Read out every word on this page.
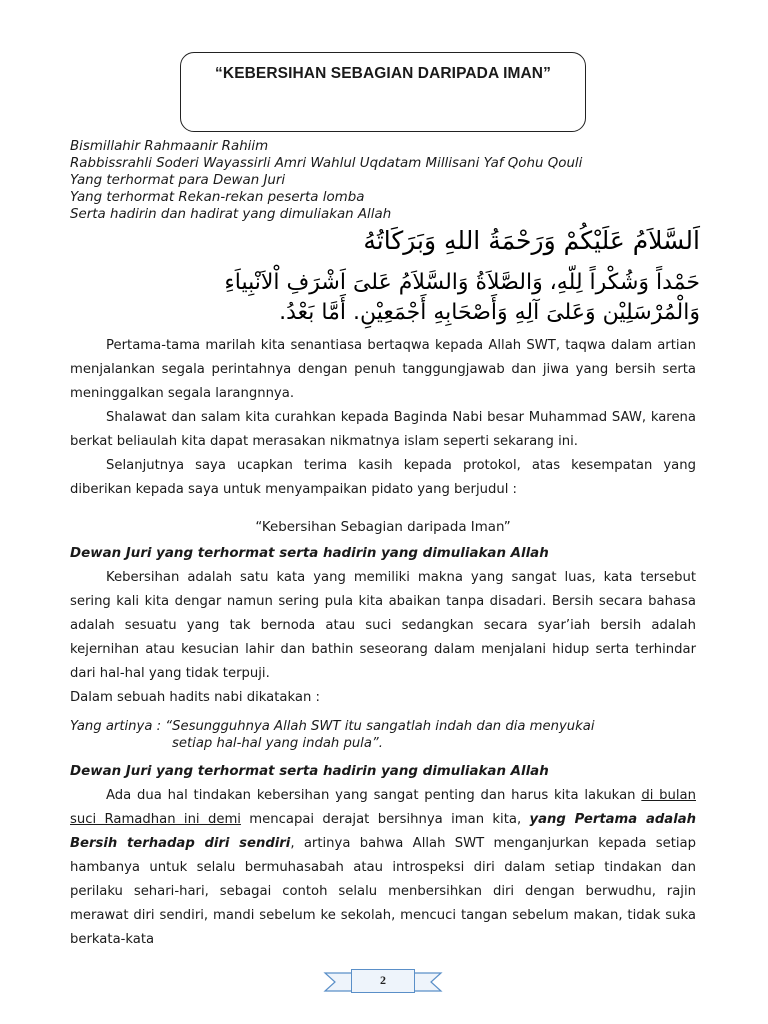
“KEBERSIHAN SEBAGIAN DARIPADA IMAN”
Bismillahir Rahmaanir Rahiim
Rabbissrahli Soderi Wayassirli Amri Wahlul Uqdatam Millisani Yaf Qohu Qouli
Yang terhormat para Dewan Juri
Yang terhormat Rekan-rekan peserta lomba
Serta hadirin dan hadirat yang dimuliakan Allah
اَلسَّلاَمُ عَلَيْكُمْ وَرَحْمَةُ اللهِ وَبَرَكَاتُهُ
حَمْداً وَشُكْراً لِلّهِ، وَالصَّلاَةُ وَالسَّلاَمُ عَلىَ اَشْرَفِ اْلاَنْبِياَءِ
وَالْمُرْسَلِيْن وَعَلىَ آلِهِ وَأَصْحَابِهِ أَجْمَعِيْنِ. أَمَّا بَعْدُ.
Pertama-tama marilah kita senantiasa bertaqwa kepada Allah SWT, taqwa dalam artian menjalankan segala perintahnya dengan penuh tanggungjawab dan jiwa yang bersih serta meninggalkan segala larangnnya.
Shalawat dan salam kita curahkan kepada Baginda Nabi besar Muhammad SAW, karena berkat beliaulah kita dapat merasakan nikmatnya islam seperti sekarang ini.
Selanjutnya saya ucapkan terima kasih kepada protokol, atas kesempatan yang diberikan kepada saya untuk menyampaikan pidato yang berjudul :
“Kebersihan Sebagian daripada Iman”
Dewan Juri yang terhormat serta hadirin yang dimuliakan Allah
Kebersihan adalah satu kata yang memiliki makna yang sangat luas, kata tersebut sering kali kita dengar namun sering pula kita abaikan tanpa disadari. Bersih secara bahasa adalah sesuatu yang tak bernoda atau suci sedangkan secara syar’iah bersih adalah kejernihan atau kesucian lahir dan bathin seseorang dalam menjalani hidup serta terhindar dari hal-hal yang tidak terpuji.
Dalam sebuah hadits nabi dikatakan :
Yang artinya : “Sesungguhnya Allah SWT itu sangatlah indah dan dia menyukai
setiap hal-hal yang indah pula”.
Dewan Juri yang terhormat serta hadirin yang dimuliakan Allah
Ada dua hal tindakan kebersihan yang sangat penting dan harus kita lakukan di bulan suci Ramadhan ini demi mencapai derajat bersihnya iman kita, yang Pertama adalah Bersih terhadap diri sendiri, artinya bahwa Allah SWT menganjurkan kepada setiap hambanya untuk selalu bermuhasabah atau introspeksi diri dalam setiap tindakan dan perilaku sehari-hari, sebagai contoh selalu menbersihkan diri dengan berwudhu, rajin merawat diri sendiri, mandi sebelum ke sekolah, mencuci tangan sebelum makan, tidak suka berkata-kata
2
